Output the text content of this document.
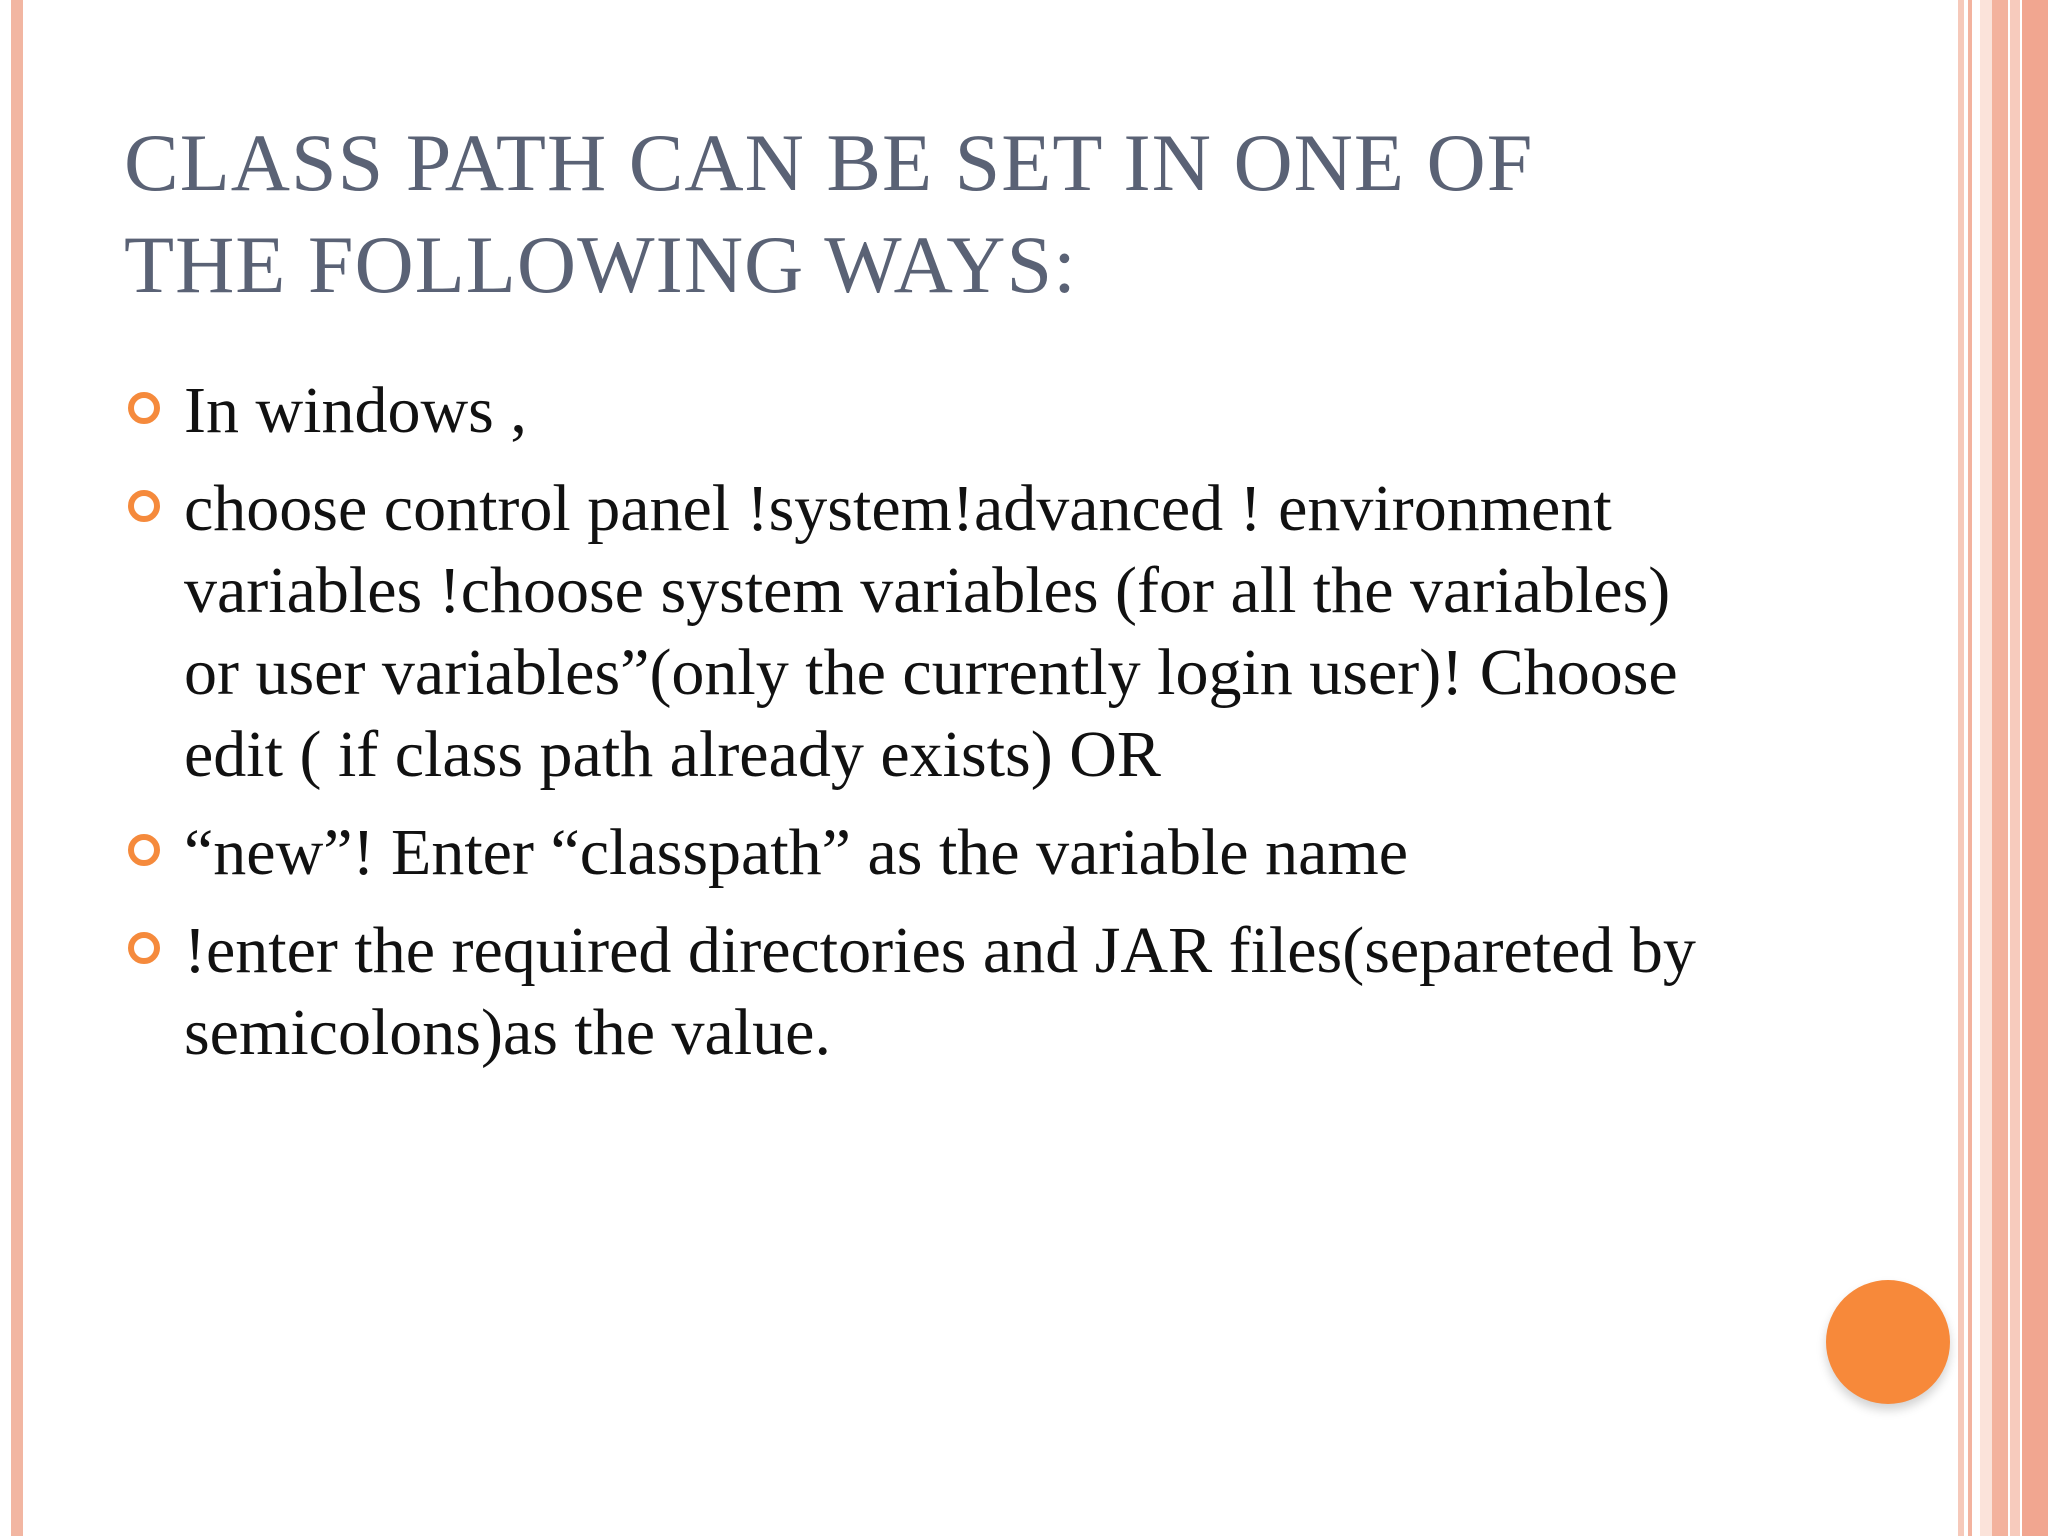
CLASS PATH CAN BE SET IN ONE OF
THE FOLLOWING WAYS:
In windows ,
choose control panel !system!advanced ! environment variables !choose system variables (for all the variables) or user variables”(only the currently login user)! Choose edit ( if class path already exists) OR
“new”! Enter “classpath” as the variable name
!enter the required directories and JAR files(separeted by semicolons)as the value.
